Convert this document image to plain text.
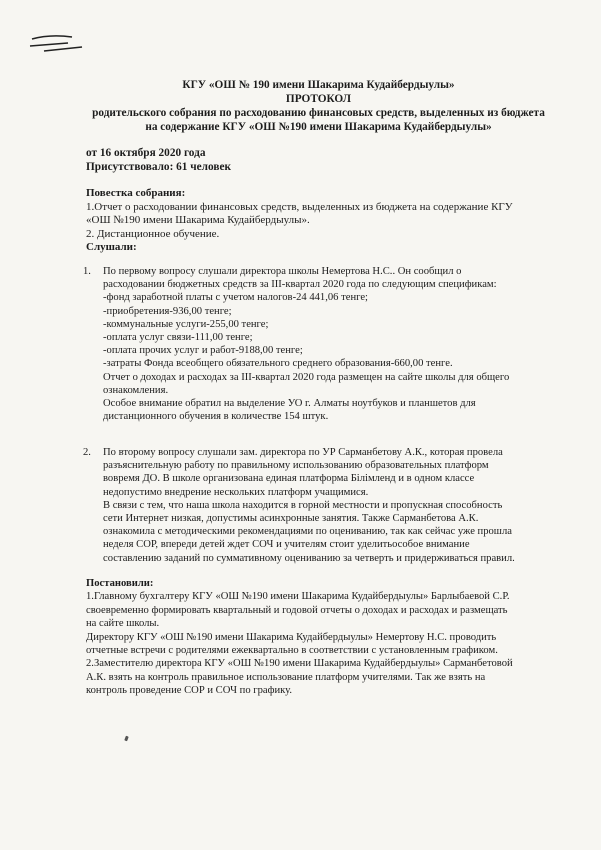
КГУ «ОШ № 190 имени Шакарима Кудайбердыулы»
ПРОТОКОЛ
родительского собрания по расходованию финансовых средств, выделенных из бюджета
на содержание КГУ «ОШ №190 имени Шакарима Кудайбердыулы»
от 16 октября 2020 года
Присутствовало: 61 человек
Повестка собрания:
1.Отчет о расходовании финансовых средств, выделенных из бюджета на содержание КГУ
«ОШ №190 имени Шакарима Кудайбердыулы».
2. Дистанционное обучение.
Слушали:
1.	По первому вопросу слушали директора школы Немертова Н.С.. Он сообщил о
расходовании бюджетных средств за III-квартал 2020 года по следующим спецификам:
-фонд заработной платы с учетом налогов-24 441,06 тенге;
-приобретения-936,00 тенге;
-коммунальные услуги-255,00 тенге;
-оплата услуг связи-111,00 тенге;
-оплата прочих услуг и работ-9188,00 тенге;
-затраты Фонда всеобщего обязательного среднего образования-660,00 тенге.
Отчет о доходах и расходах за III-квартал 2020 года размещен на сайте школы для общего
ознакомления.
Особое внимание обратил на выделение УО г. Алматы ноутбуков и планшетов для
дистанционного обучения в количестве 154 штук.
2.	По второму вопросу слушали зам. директора по УР Сарманбетову А.К., которая провела
разъяснительную работу по правильному использованию образовательных платформ
вовремя ДО. В школе организована единая платформа Білімленд и в одном классе
недопустимо внедрение нескольких платформ учащимися.
В связи с тем, что наша школа находится в горной местности и пропускная способность
сети Интернет низкая, допустимы асинхронные занятия. Также Сарманбетова А.К.
ознакомила с методическими рекомендациями по оцениванию, так как сейчас уже прошла
неделя СОР, впереди детей ждет СОЧ и учителям стоит уделитьособое внимание
составлению заданий по суммативному оцениванию за четверть и придерживаться правил.
Постановили:
1.Главному бухгалтеру КГУ «ОШ №190 имени Шакарима Кудайбердыулы» Барлыбаевой С.Р.
своевременно формировать квартальный и годовой отчеты о доходах и расходах и размещать
на сайте школы.
Директору КГУ «ОШ №190 имени Шакарима Кудайбердыулы» Немертову Н.С. проводить
отчетные встречи с родителями ежеквартально в соответствии с установленным графиком.
2.Заместителю директора КГУ «ОШ №190 имени Шакарима Кудайбердыулы» Сарманбетовой
А.К. взять на контроль правильное использование платформ учителями. Так же взять на
контроль проведение СОР и СОЧ по графику.
